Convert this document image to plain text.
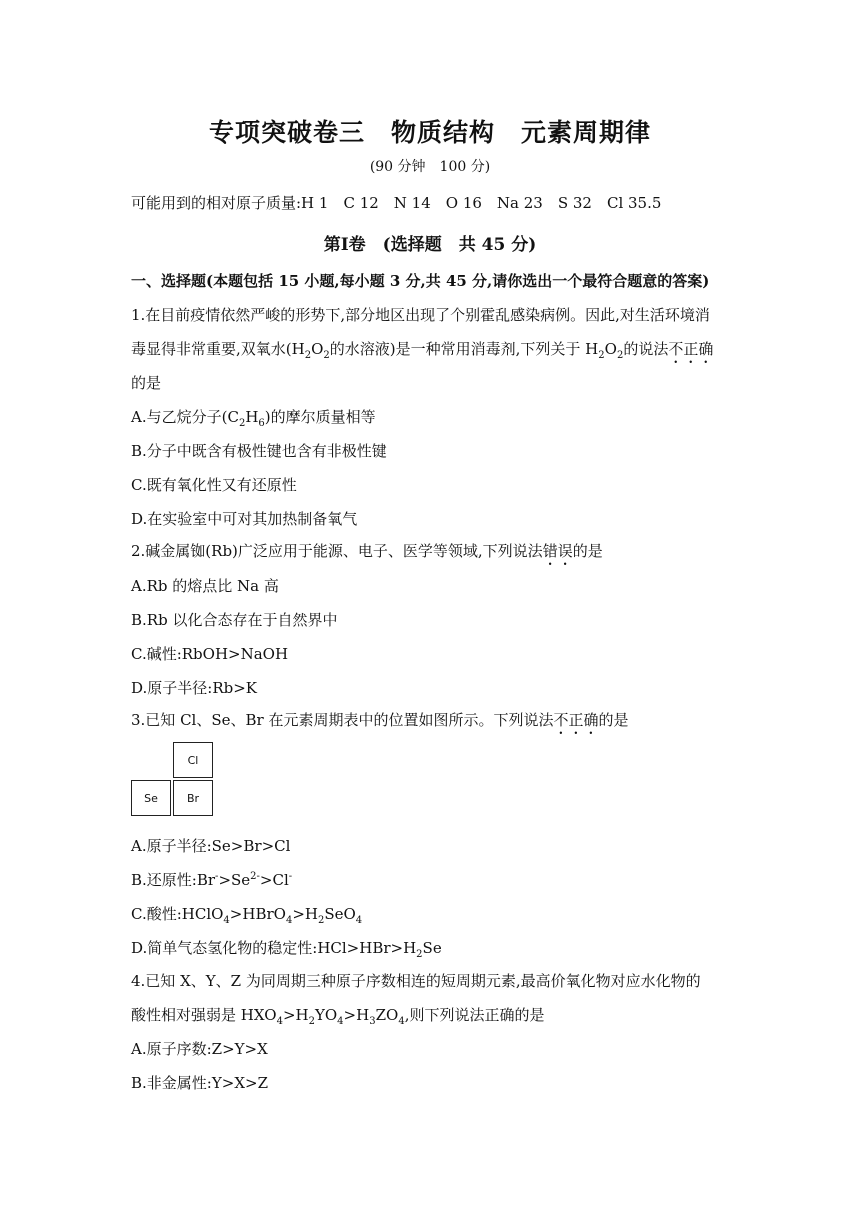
专项突破卷三　物质结构　元素周期律
(90 分钟　100 分)
可能用到的相对原子质量:H 1　C 12　N 14　O 16　Na 23　S 32　Cl 35.5
第Ⅰ卷　(选择题　共 45 分)
一、选择题(本题包括 15 小题,每小题 3 分,共 45 分,请你选出一个最符合题意的答案)
1.在目前疫情依然严峻的形势下,部分地区出现了个别霍乱感染病例。因此,对生活环境消
毒显得非常重要,双氧水($H_2O_2$的水溶液)是一种常用消毒剂,下列关于 $H_2O_2$的说法不正确
的是
A.与乙烷分子$(C_2H_6)$的摩尔质量相等
B.分子中既含有极性键也含有非极性键
C.既有氧化性又有还原性
D.在实验室中可对其加热制备氧气
2.碱金属铷(Rb)广泛应用于能源、电子、医学等领域,下列说法错误的是
A.Rb 的熔点比 Na 高
B.Rb 以化合态存在于自然界中
C.碱性:RbOH>NaOH
D.原子半径:Rb>K
3.已知 Cl、Se、Br 在元素周期表中的位置如图所示。下列说法不正确的是
Cl
Se	Br
A.原子半径:Se>Br>Cl
B.还原性$:Br^->Se^{2-}>Cl^-$
C.酸性$:HClO_4>HBrO_4>H_2SeO_4$
D.简单气态氢化物的稳定性$:HCl>HBr>H_2Se$
4.已知 X、Y、Z 为同周期三种原子序数相连的短周期元素,最高价氧化物对应水化物的
酸性相对强弱是 $HXO_4>H_2YO_4>H_3ZO_4$,则下列说法正确的是
A.原子序数:Z>Y>X
B.非金属性:Y>X>Z
